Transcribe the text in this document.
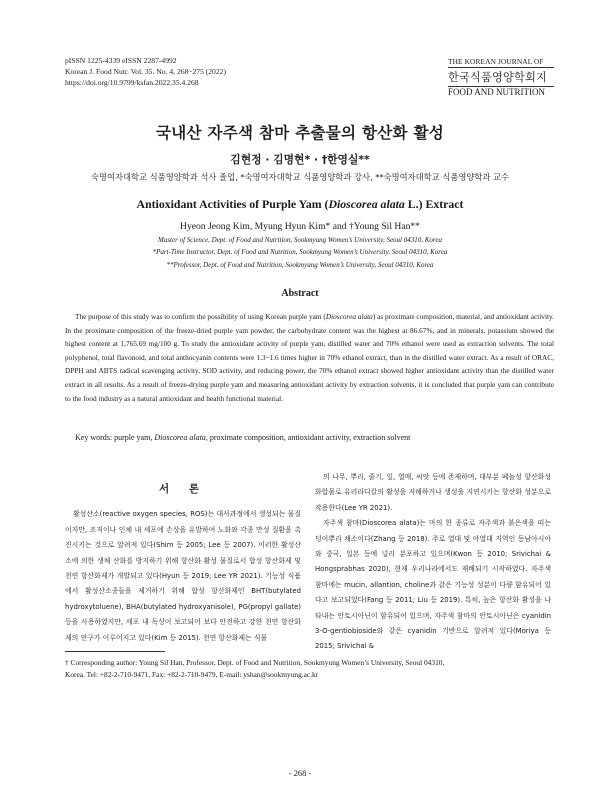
pISSN 1225-4339 eISSN 2287-4992
Korean J. Food Nutr. Vol. 35. No. 4, 268~275 (2022)
https://doi.org/10.9799/ksfan.2022.35.4.268
THE KOREAN JOURNAL OF
한국식품영양학회지
FOOD AND NUTRITION
국내산 자주색 참마 추출물의 항산화 활성
김현정 · 김명현* · †한영실**
숙명여자대학교 식품영양학과 석사 졸업, *숙명여자대학교 식품영양학과 강사, **숙명여자대학교 식품영양학과 교수
Antioxidant Activities of Purple Yam (Dioscorea alata L.) Extract
Hyeon Jeong Kim, Myung Hyun Kim* and †Young Sil Han**
Master of Science, Dept. of Food and Nutrition, Sookmyung Women’s University, Seoul 04310, Korea
*Part-Time Instructor, Dept. of Food and Nutrition, Sookmyung Women’s University, Seoul 04310, Korea
**Professor, Dept. of Food and Nutrition, Sookmyung Women’s University, Seoul 04310, Korea
Abstract
The purpose of this study was to confirm the possibility of using Korean purple yam (Dioscorea alata) as proximate composition, material, and antioxidant activity. In the proximate composition of the freeze-dried purple yam powder, the carbohydrate content was the highest at 86.67%, and in minerals, potassium showed the highest content at 1,765.69 mg/100 g. To study the antioxidant activity of purple yam, distilled water and 70% ethanol were used as extraction solvents. The total polyphenol, total flavonoid, and total anthocyanin contents were 1.3~1.6 times higher in 70% ethanol extract, than in the distilled water extract. As a result of ORAC, DPPH and ABTS radical scavenging activity, SOD activity, and reducing power, the 70% ethanol extract showed higher antioxidant activity than the distilled water extract in all results. As a result of freeze-drying purple yam and measuring antioxidant activity by extraction solvents, it is concluded that purple yam can contribute to the food industry as a natural antioxidant and health functional material.
Key words: purple yam, Dioscorea alata, proximate composition, antioxidant activity, extraction solvent
서 론

활성산소(reactive oxygen species, ROS)는 대사과정에서 생성되는 물질이지만, 조직이나 인체 내 세포에 손상을 유발하여 노화와 각종 만성 질환을 촉진시키는 것으로 알려져 있다(Shim 등 2005; Lee 등 2007). 이러한 활성산소에 의한 생체 산화를 방지하기 위해 항산화 활성 물질로서 합성 항산화제 및 천연 항산화제가 개발되고 있다(Hyun 등 2019; Lee YR 2021). 기능성 식품에서 활성산소종들을 제거하기 위해 합성 항산화제인 BHT(butylated hydroxytoluene), BHA(butylated hydroxyanisole), PG(propyl gallate) 등을 사용하였지만, 세포 내 독성이 보고되어 보다 안전하고 강한 천연 항산화제의 연구가 이루어지고 있다(Kim 등 2015). 천연 항산화제는 식물

의 나무, 뿌리, 줄기, 잎, 열매, 씨앗 등에 존재하며, 대부분 페놀성 항산화성 화합물로 유리라디칼의 활성을 저해하거나 생성을 지연시키는 항산화 성분으로 작용한다(Lee YR 2021).

자주색 참마(Dioscorea alata)는 마의 한 종류로 자주색과 붉은색을 띠는 덩이뿌리 채소이다(Zhang 등 2018). 주로 열대 및 아열대 지역인 동남아시아와 중국, 일본 등에 널리 분포하고 있으며(Kwon 등 2010; Srivichai & Hongsprabhas 2020), 현재 우리나라에서도 재배되기 시작하였다. 자주색 참마에는 mucin, allantion, choline과 같은 기능성 성분이 다량 함유되어 있다고 보고되었다(Fang 등 2011; Liu 등 2019). 특히, 높은 항산화 활성을 나타내는 안토시아닌이 함유되어 있으며, 자주색 참마의 안토시아닌은 cyanidin 3-O-gentiobioside와 같은 cyanidin 기반으로 알려져 있다(Moriya 등 2015; Srivichai &

† Corresponding author: Young Sil Han, Professor, Dept. of Food and Nutrition, Sookmyung Women’s University, Seoul 04310,
Korea. Tel: +82-2-710-9471, Fax: +82-2-710-9479, E-mail: yshan@sookmyung.ac.kr
- 268 -
